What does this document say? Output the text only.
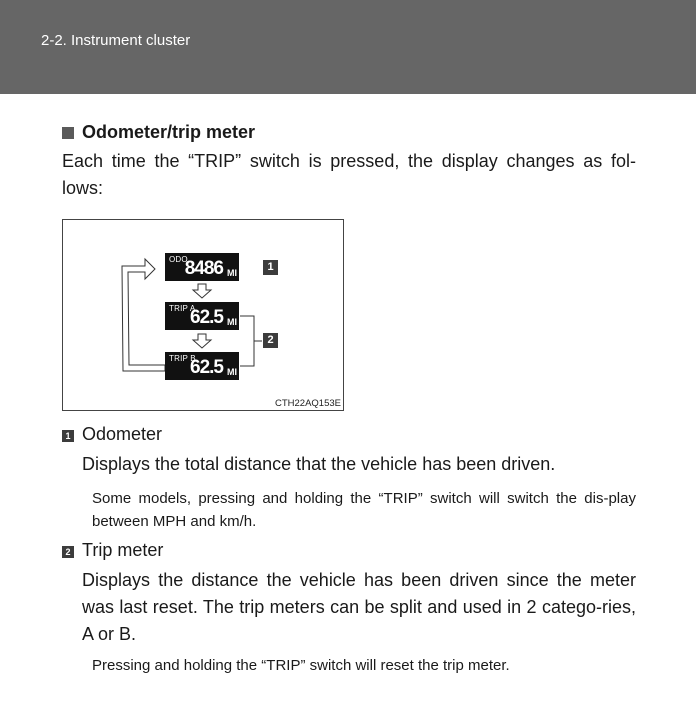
2-2. Instrument cluster
Odometer/trip meter
Each time the “TRIP” switch is pressed, the display changes as fol-lows:
ODO
8486 MI
TRIP A
62.5 MI
TRIP B
62.5 MI
1
2
CTH22AQ153E
1 Odometer
Displays the total distance that the vehicle has been driven.
Some models, pressing and holding the “TRIP” switch will switch the dis-play between MPH and km/h.
2 Trip meter
Displays the distance the vehicle has been driven since the meter was last reset. The trip meters can be split and used in 2 catego-ries, A or B.
Pressing and holding the “TRIP” switch will reset the trip meter.
